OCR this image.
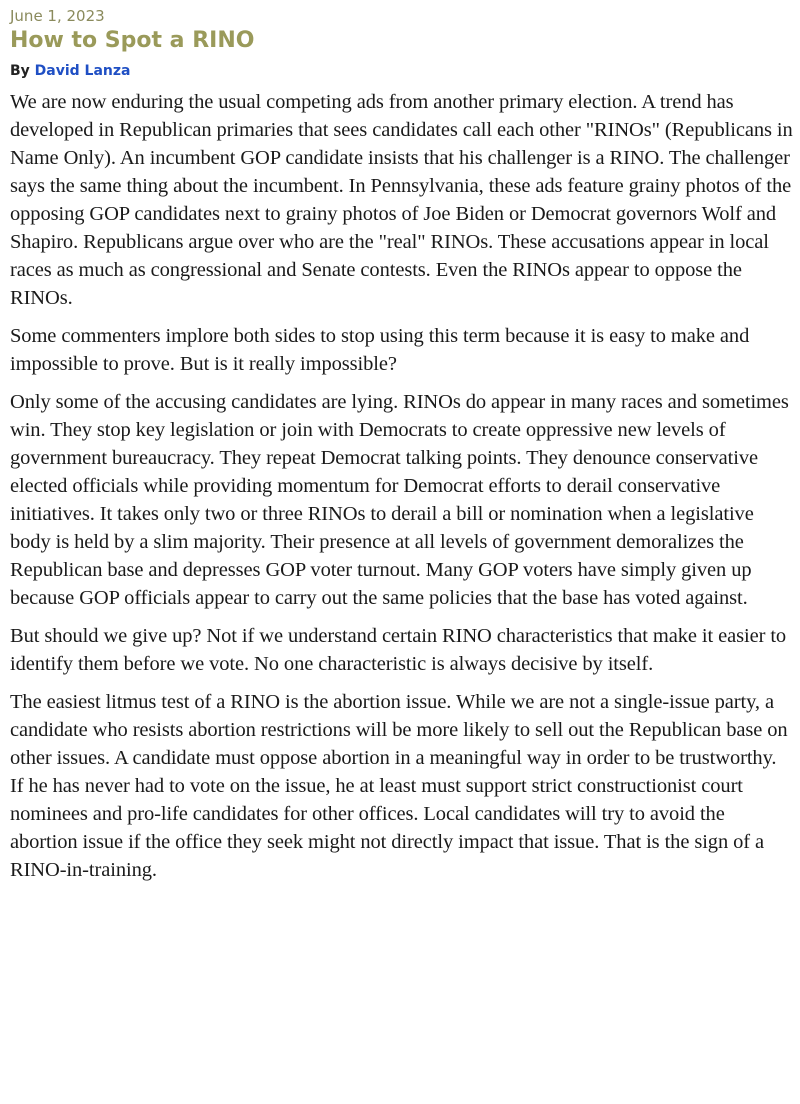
June 1, 2023
How to Spot a RINO
By David Lanza

We are now enduring the usual competing ads from another primary election. A trend has developed in Republican primaries that sees candidates call each other "RINOs" (Republicans in Name Only). An incumbent GOP candidate insists that his challenger is a RINO. The challenger says the same thing about the incumbent. In Pennsylvania, these ads feature grainy photos of the opposing GOP candidates next to grainy photos of Joe Biden or Democrat governors Wolf and Shapiro. Republicans argue over who are the "real" RINOs. These accusations appear in local races as much as congressional and Senate contests. Even the RINOs appear to oppose the RINOs.

Some commenters implore both sides to stop using this term because it is easy to make and impossible to prove. But is it really impossible?

Only some of the accusing candidates are lying. RINOs do appear in many races and sometimes win. They stop key legislation or join with Democrats to create oppressive new levels of government bureaucracy. They repeat Democrat talking points. They denounce conservative elected officials while providing momentum for Democrat efforts to derail conservative initiatives. It takes only two or three RINOs to derail a bill or nomination when a legislative body is held by a slim majority. Their presence at all levels of government demoralizes the Republican base and depresses GOP voter turnout. Many GOP voters have simply given up because GOP officials appear to carry out the same policies that the base has voted against.

But should we give up? Not if we understand certain RINO characteristics that make it easier to identify them before we vote. No one characteristic is always decisive by itself.

The easiest litmus test of a RINO is the abortion issue. While we are not a single-issue party, a candidate who resists abortion restrictions will be more likely to sell out the Republican base on other issues. A candidate must oppose abortion in a meaningful way in order to be trustworthy. If he has never had to vote on the issue, he at least must support strict constructionist court nominees and pro-life candidates for other offices. Local candidates will try to avoid the abortion issue if the office they seek might not directly impact that issue. That is the sign of a RINO-in-training.
